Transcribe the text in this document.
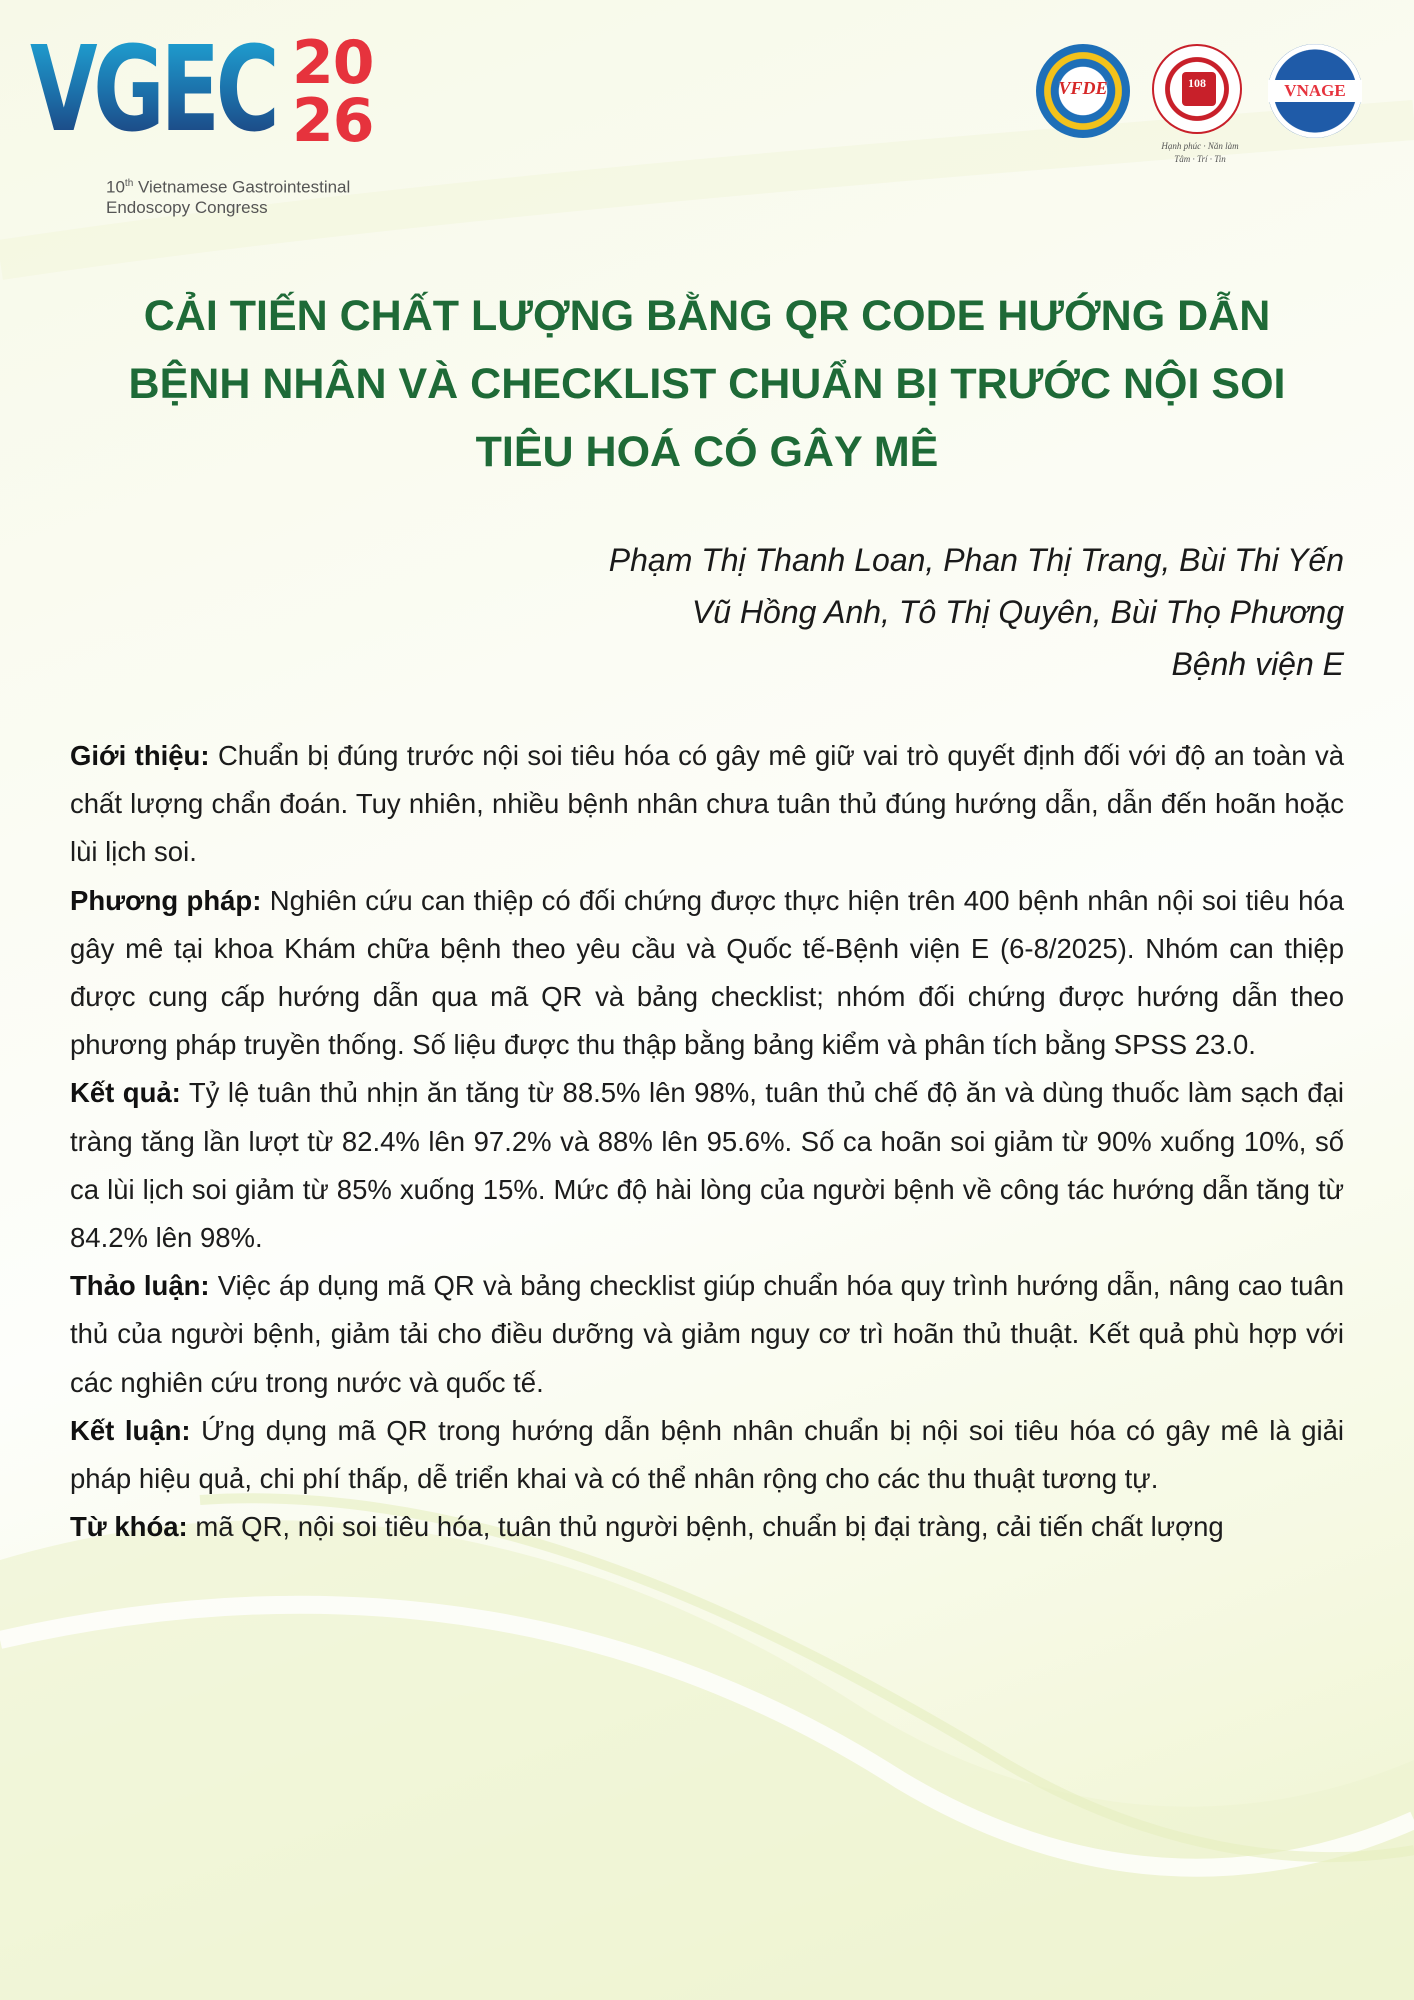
VGEC 20
26
10th Vietnamese Gastrointestinal
Endoscopy Congress
VFDE	108	VNAGE
Hạnh phúc · Năn làm
Tâm · Trí · Tin
CẢI TIẾN CHẤT LƯỢNG BẰNG QR CODE HƯỚNG DẪN
BỆNH NHÂN VÀ CHECKLIST CHUẨN BỊ TRƯỚC NỘI SOI
TIÊU HOÁ CÓ GÂY MÊ
Phạm Thị Thanh Loan, Phan Thị Trang, Bùi Thi Yến
Vũ Hồng Anh, Tô Thị Quyên, Bùi Thọ Phương
Bệnh viện E

Giới thiệu: Chuẩn bị đúng trước nội soi tiêu hóa có gây mê giữ vai trò quyết định đối với độ an toàn và chất lượng chẩn đoán. Tuy nhiên, nhiều bệnh nhân chưa tuân thủ đúng hướng dẫn, dẫn đến hoãn hoặc lùi lịch soi.

Phương pháp: Nghiên cứu can thiệp có đối chứng được thực hiện trên 400 bệnh nhân nội soi tiêu hóa gây mê tại khoa Khám chữa bệnh theo yêu cầu và Quốc tế-Bệnh viện E (6-8/2025). Nhóm can thiệp được cung cấp hướng dẫn qua mã QR và bảng checklist; nhóm đối chứng được hướng dẫn theo phương pháp truyền thống. Số liệu được thu thập bằng bảng kiểm và phân tích bằng SPSS 23.0.

Kết quả: Tỷ lệ tuân thủ nhịn ăn tăng từ 88.5% lên 98%, tuân thủ chế độ ăn và dùng thuốc làm sạch đại tràng tăng lần lượt từ 82.4% lên 97.2% và 88% lên 95.6%. Số ca hoãn soi giảm từ 90% xuống 10%, số ca lùi lịch soi giảm từ 85% xuống 15%. Mức độ hài lòng của người bệnh về công tác hướng dẫn tăng từ 84.2% lên 98%.

Thảo luận: Việc áp dụng mã QR và bảng checklist giúp chuẩn hóa quy trình hướng dẫn, nâng cao tuân thủ của người bệnh, giảm tải cho điều dưỡng và giảm nguy cơ trì hoãn thủ thuật. Kết quả phù hợp với các nghiên cứu trong nước và quốc tế.

Kết luận: Ứng dụng mã QR trong hướng dẫn bệnh nhân chuẩn bị nội soi tiêu hóa có gây mê là giải pháp hiệu quả, chi phí thấp, dễ triển khai và có thể nhân rộng cho các thu thuật tương tự.

Từ khóa: mã QR, nội soi tiêu hóa, tuân thủ người bệnh, chuẩn bị đại tràng, cải tiến chất lượng
